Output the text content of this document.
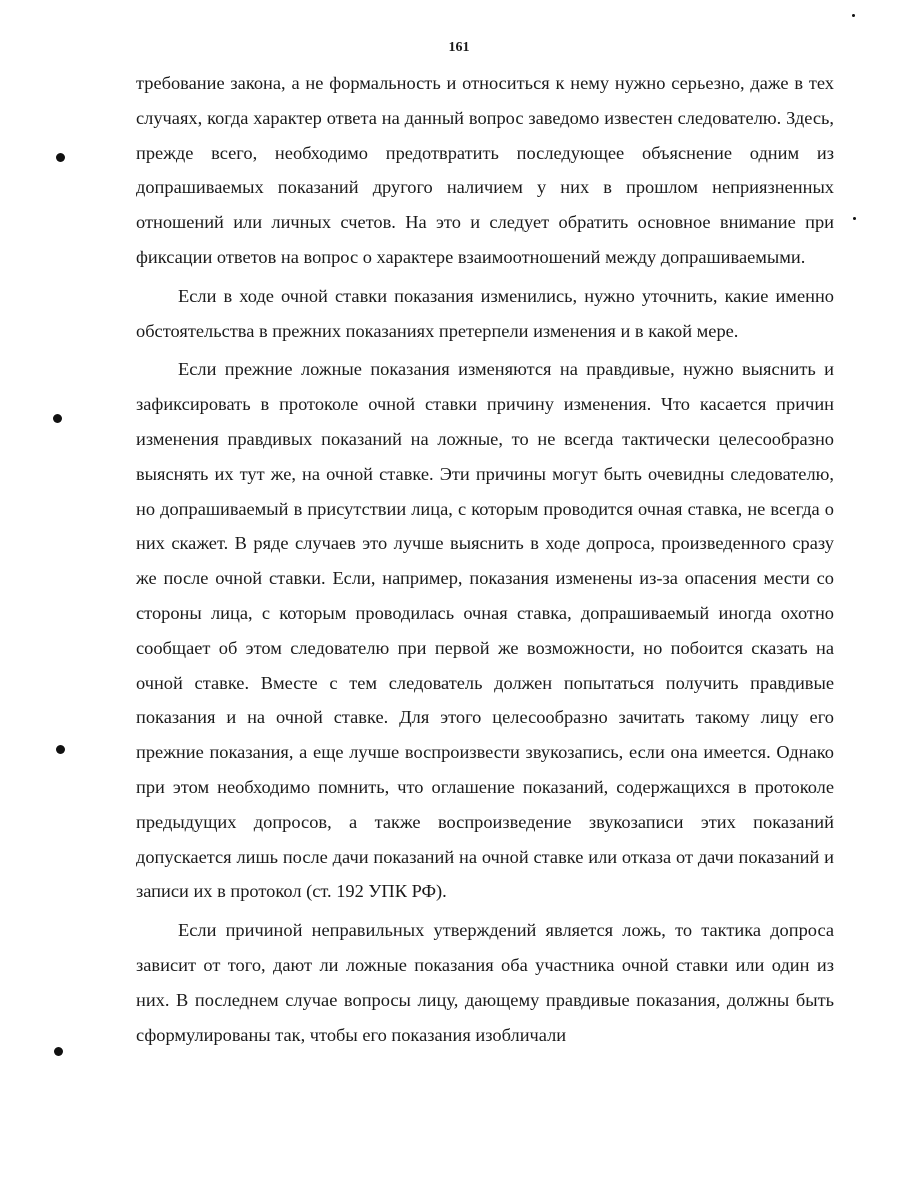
161

требование закона, а не формальность и относиться к нему нужно серьезно, даже в тех случаях, когда характер ответа на данный вопрос заведомо известен следователю. Здесь, прежде всего, необходимо предотвратить последующее объяснение одним из допрашиваемых показаний другого наличием у них в прошлом неприязненных отношений или личных счетов. На это и следует обратить основное внимание при фиксации ответов на вопрос о характере взаимоотношений между допрашиваемыми.

Если в ходе очной ставки показания изменились, нужно уточнить, какие именно обстоятельства в прежних показаниях претерпели изменения и в какой мере.

Если прежние ложные показания изменяются на правдивые, нужно выяснить и зафиксировать в протоколе очной ставки причину изменения. Что касается причин изменения правдивых показаний на ложные, то не всегда тактически целесообразно выяснять их тут же, на очной ставке. Эти причины могут быть очевидны следователю, но допрашиваемый в присутствии лица, с которым проводится очная ставка, не всегда о них скажет. В ряде случаев это лучше выяснить в ходе допроса, произведенного сразу же после очной ставки. Если, например, показания изменены из-за опасения мести со стороны лица, с которым проводилась очная ставка, допрашиваемый иногда охотно сообщает об этом следователю при первой же возможности, но побоится сказать на очной ставке. Вместе с тем следователь должен попытаться получить правдивые показания и на очной ставке. Для этого целесообразно зачитать такому лицу его прежние показания, а еще лучше воспроизвести звукозапись, если она имеется. Однако при этом необходимо помнить, что оглашение показаний, содержащихся в протоколе предыдущих допросов, а также воспроизведение звукозаписи этих показаний допускается лишь после дачи показаний на очной ставке или отказа от дачи показаний и записи их в протокол (ст. 192 УПК РФ).

Если причиной неправильных утверждений является ложь, то тактика допроса зависит от того, дают ли ложные показания оба участника очной ставки или один из них. В последнем случае вопросы лицу, дающему правдивые показания, должны быть сформулированы так, чтобы его показания изобличали
